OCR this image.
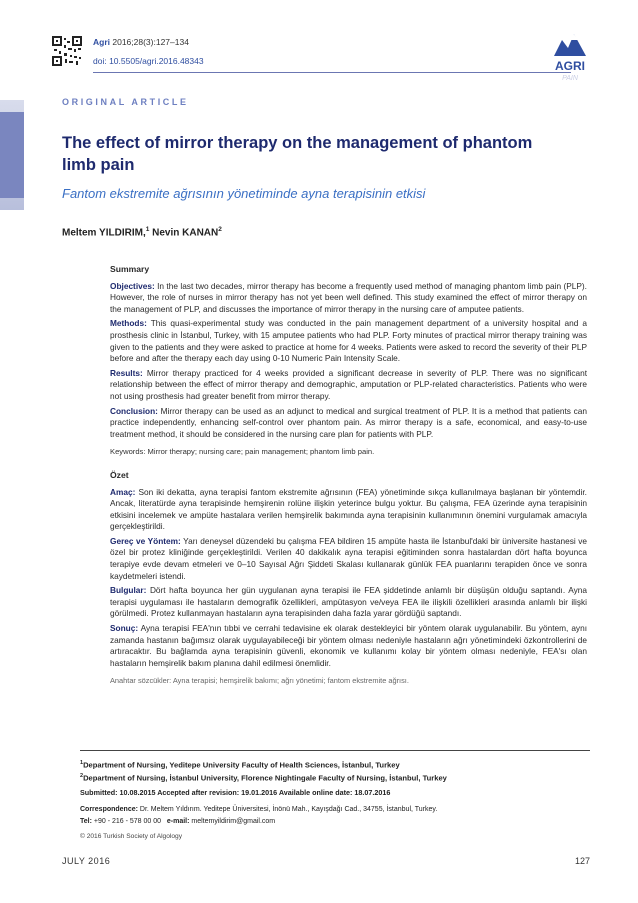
Agri 2016;28(3):127–134
doi: 10.5505/agri.2016.48343	AGRI
PAIN
ORIGINAL ARTICLE
The effect of mirror therapy on the management of phantom limb pain
Fantom ekstremite ağrısının yönetiminde ayna terapisinin etkisi
Meltem YILDIRIM,$^1$ Nevin KANAN$^2$

Summary

Objectives: In the last two decades, mirror therapy has become a frequently used method of managing phantom limb pain (PLP). However, the role of nurses in mirror therapy has not yet been well defined. This study examined the effect of mirror therapy on the management of PLP, and discusses the importance of mirror therapy in the nursing care of amputee patients.

Methods: This quasi-experimental study was conducted in the pain management department of a university hospital and a prosthesis clinic in İstanbul, Turkey, with 15 amputee patients who had PLP. Forty minutes of practical mirror therapy training was given to the patients and they were asked to practice at home for 4 weeks. Patients were asked to record the severity of their PLP before and after the therapy each day using 0-10 Numeric Pain Intensity Scale.

Results: Mirror therapy practiced for 4 weeks provided a significant decrease in severity of PLP. There was no significant relationship between the effect of mirror therapy and demographic, amputation or PLP-related characteristics. Patients who were not using prosthesis had greater benefit from mirror therapy.

Conclusion: Mirror therapy can be used as an adjunct to medical and surgical treatment of PLP. It is a method that patients can practice independently, enhancing self-control over phantom pain. As mirror therapy is a safe, economical, and easy-to-use treatment method, it should be considered in the nursing care plan for patients with PLP.

Keywords: Mirror therapy; nursing care; pain management; phantom limb pain.

Özet

Amaç: Son iki dekatta, ayna terapisi fantom ekstremite ağrısının (FEA) yönetiminde sıkça kullanılmaya başlanan bir yöntemdir. Ancak, literatürde ayna terapisinde hemşirenin rolüne ilişkin yeterince bulgu yoktur. Bu çalışma, FEA üzerinde ayna terapisinin etkisini incelemek ve ampüte hastalara verilen hemşirelik bakımında ayna terapisinin kullanımının önemini vurgulamak amacıyla gerçekleştirildi.

Gereç ve Yöntem: Yarı deneysel düzendeki bu çalışma FEA bildiren 15 ampüte hasta ile İstanbul'daki bir üniversite hastanesi ve özel bir protez kliniğinde gerçekleştirildi. Verilen 40 dakikalık ayna terapisi eğitiminden sonra hastalardan dört hafta boyunca terapiye evde devam etmeleri ve 0–10 Sayısal Ağrı Şiddeti Skalası kullanarak günlük FEA puanlarını terapiden önce ve sonra kaydetmeleri istendi.

Bulgular: Dört hafta boyunca her gün uygulanan ayna terapisi ile FEA şiddetinde anlamlı bir düşüşün olduğu saptandı. Ayna terapisi uygulaması ile hastaların demografik özellikleri, ampütasyon ve/veya FEA ile ilişkili özellikleri arasında anlamlı bir ilişki görülmedi. Protez kullanmayan hastaların ayna terapisinden daha fazla yarar gördüğü saptandı.

Sonuç: Ayna terapisi FEA'nın tıbbi ve cerrahi tedavisine ek olarak destekleyici bir yöntem olarak uygulanabilir. Bu yöntem, aynı zamanda hastanın bağımsız olarak uygulayabileceği bir yöntem olması nedeniyle hastaların ağrı yönetimindeki özkontrollerini de artıracaktır. Bu bağlamda ayna terapisinin güvenli, ekonomik ve kullanımı kolay bir yöntem olması nedeniyle, FEA'sı olan hastaların hemşirelik bakım planına dahil edilmesi önemlidir.

Anahtar sözcükler: Ayna terapisi; hemşirelik bakımı; ağrı yönetimi; fantom ekstremite ağrısı.

$^1$Department of Nursing, Yeditepe University Faculty of Health Sciences, İstanbul, Turkey

$^2$Department of Nursing, İstanbul University, Florence Nightingale Faculty of Nursing, İstanbul, Turkey

Submitted: 10.08.2015 Accepted after revision: 19.01.2016 Available online date: 18.07.2016

Correspondence: Dr. Meltem Yıldırım. Yeditepe Üniversitesi, İnönü Mah., Kayışdağı Cad., 34755, İstanbul, Turkey.

Tel: +90 - 216 - 578 00 00 e-mail: meltemyildirim@gmail.com

© 2016 Turkish Society of Algology

JULY 2016	127
